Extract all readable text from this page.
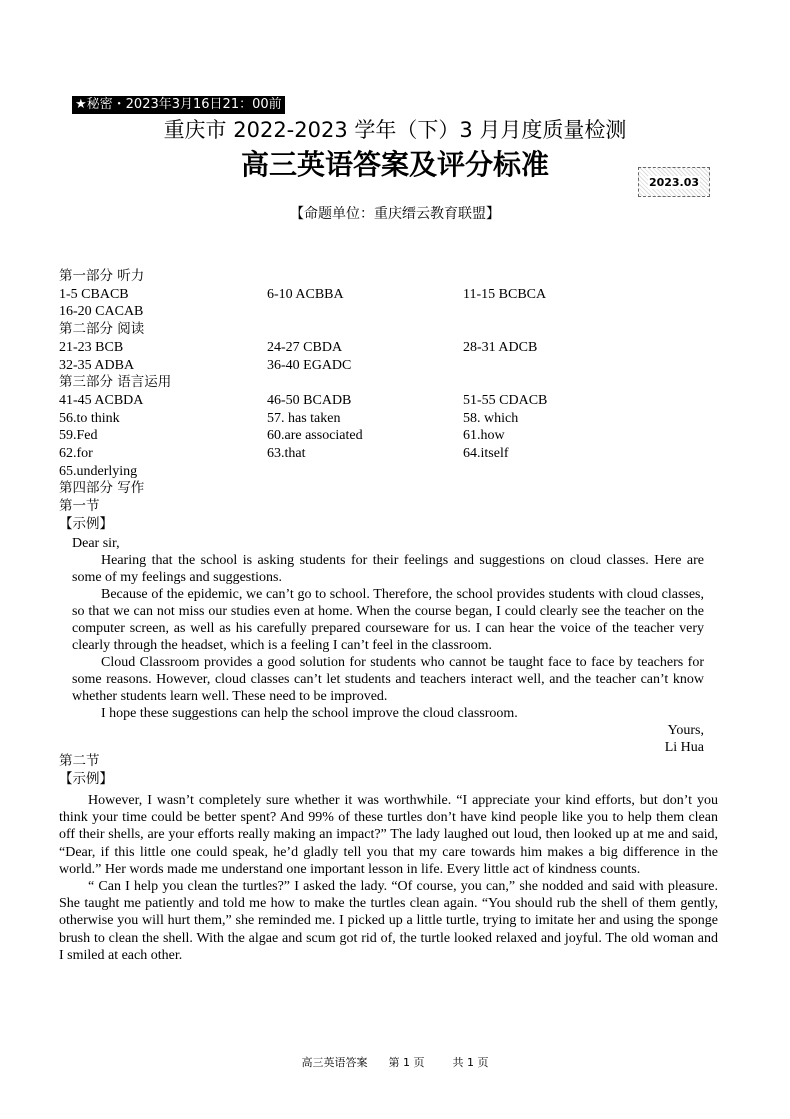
★秘密・2023年3月16日21：00前
重庆市 2022-2023 学年（下）3 月月度质量检测
高三英语答案及评分标准
2023.03
【命题单位：重庆缙云教育联盟】
第一部分 听力
1-5 CBACB	6-10 ACBBA	11-15 BCBCA
16-20 CACAB
第二部分 阅读
21-23 BCB	24-27 CBDA	28-31 ADCB
32-35 ADBA	36-40 EGADC
第三部分 语言运用
41-45 ACBDA	46-50 BCADB	51-55 CDACB
56.to think	57. has taken	58. which
59.Fed	60.are associated	61.how
62.for	63.that	64.itself
65.underlying
第四部分 写作
第一节
【示例】

Dear sir,

Hearing that the school is asking students for their feelings and suggestions on cloud classes. Here are some of my feelings and suggestions.

Because of the epidemic, we can’t go to school. Therefore, the school provides students with cloud classes, so that we can not miss our studies even at home. When the course began, I could clearly see the teacher on the computer screen, as well as his carefully prepared courseware for us. I can hear the voice of the teacher very clearly through the headset, which is a feeling I can’t feel in the classroom.

Cloud Classroom provides a good solution for students who cannot be taught face to face by teachers for some reasons. However, cloud classes can’t let students and teachers interact well, and the teacher can’t know whether students learn well. These need to be improved.

I hope these suggestions can help the school improve the cloud classroom.

Yours,

Li Hua

第二节
【示例】

However, I wasn’t completely sure whether it was worthwhile. “I appreciate your kind efforts, but don’t you think your time could be better spent? And 99% of these turtles don’t have kind people like you to help them clean off their shells, are your efforts really making an impact?” The lady laughed out loud, then looked up at me and said, “Dear, if this little one could speak, he’d gladly tell you that my care towards him makes a big difference in the world.” Her words made me understand one important lesson in life. Every little act of kindness counts.

“ Can I help you clean the turtles?” I asked the lady. “Of course, you can,” she nodded and said with pleasure. She taught me patiently and told me how to make the turtles clean again. “You should rub the shell of them gently, otherwise you will hurt them,” she reminded me. I picked up a little turtle, trying to imitate her and using the sponge brush to clean the shell. With the algae and scum got rid of, the turtle looked relaxed and joyful. The old woman and I smiled at each other.

高三英语答案      第 1 页        共 1 页
